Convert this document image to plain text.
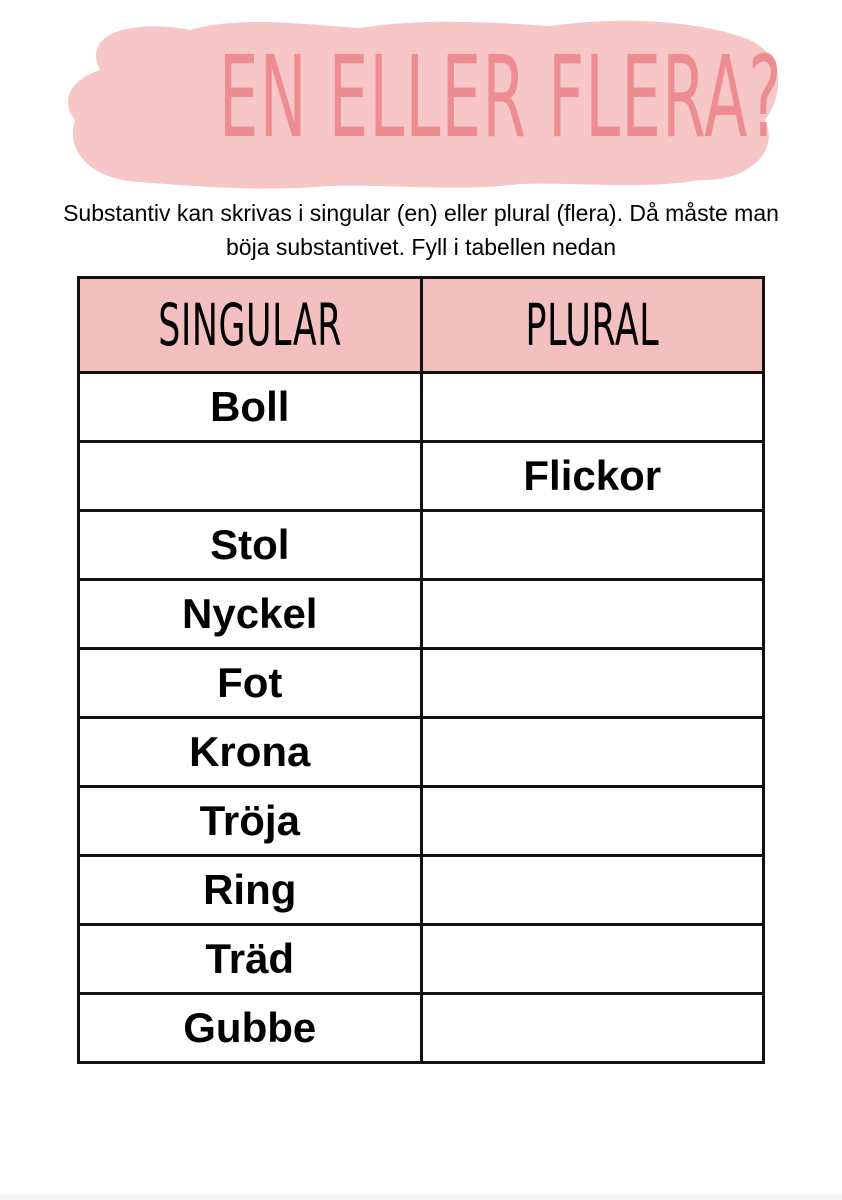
EN ELLER FLERA?
Substantiv kan skrivas i singular (en) eller plural (flera). Då måste man
böja substantivet. Fyll i tabellen nedan
SINGULAR	PLURAL
Boll	
	Flickor
Stol	
Nyckel	
Fot	
Krona	
Tröja	
Ring	
Träd	
Gubbe	
